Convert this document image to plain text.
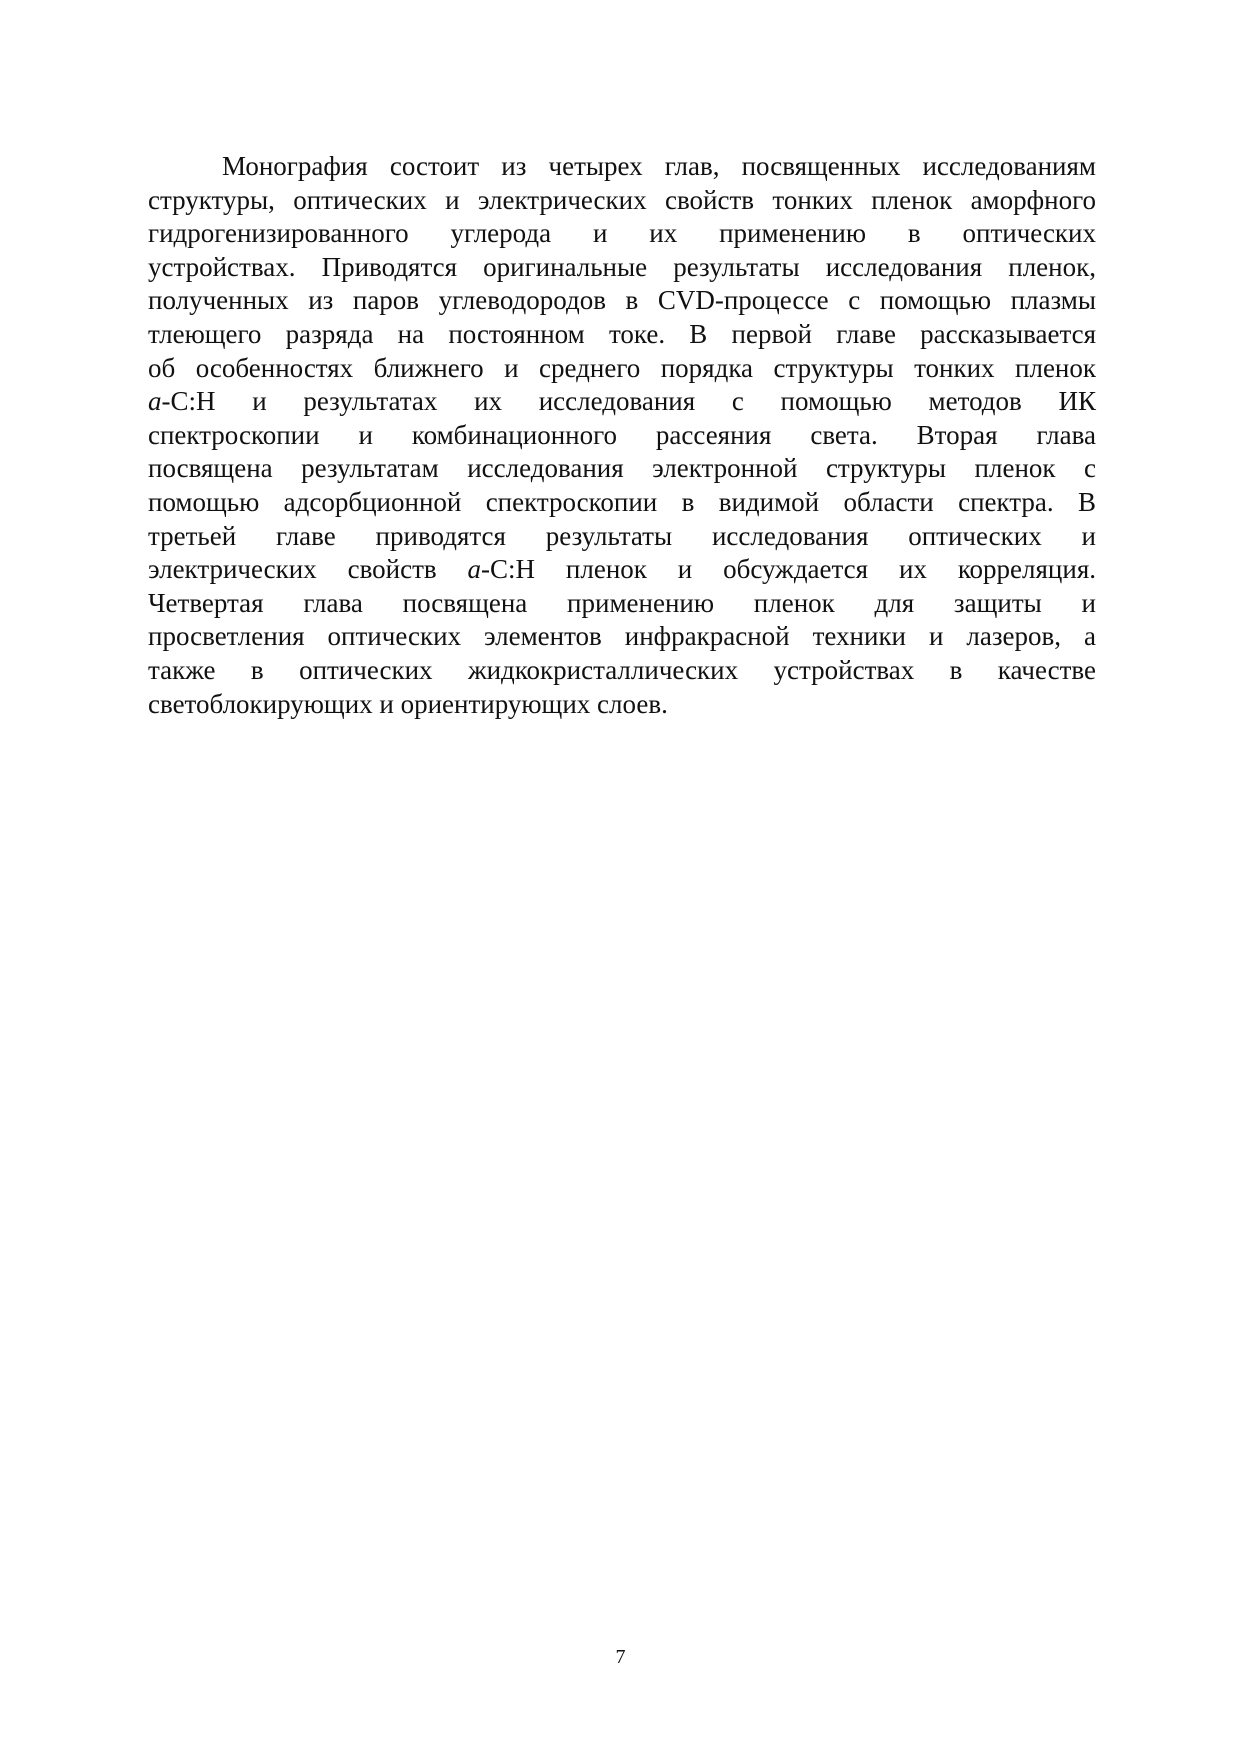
Монография состоит из четырех глав, посвященных исследованиям
структуры, оптических и электрических свойств тонких пленок аморфного
гидрогенизированного углерода и их применению в оптических
устройствах. Приводятся оригинальные результаты исследования пленок,
полученных из паров углеводородов в CVD-процессе с помощью плазмы
тлеющего разряда на постоянном токе. В первой главе рассказывается
об особенностях ближнего и среднего порядка структуры тонких пленок
a-C:H и результатах их исследования с помощью методов ИК
спектроскопии и комбинационного рассеяния света. Вторая глава
посвящена результатам исследования электронной структуры пленок с
помощью адсорбционной спектроскопии в видимой области спектра. В
третьей главе приводятся результаты исследования оптических и
электрических свойств a-C:H пленок и обсуждается их корреляция.
Четвертая глава посвящена применению пленок для защиты и
просветления оптических элементов инфракрасной техники и лазеров, а
также в оптических жидкокристаллических устройствах в качестве
светоблокирующих и ориентирующих слоев.
7
